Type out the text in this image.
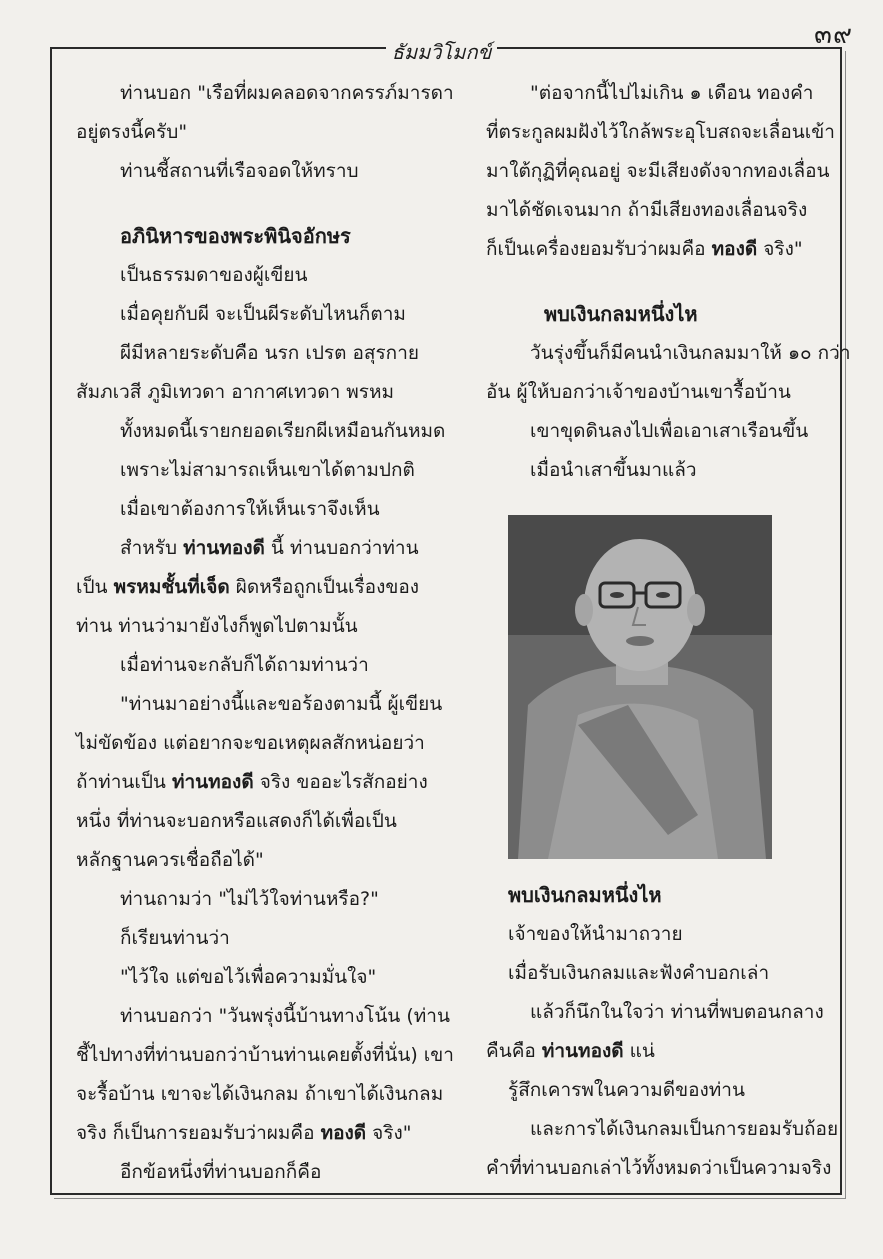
๓๙
ธัมมวิโมกข์
ท่านบอก "เรือที่ผมคลอดจากครรภ์มารดา
อยู่ตรงนี้ครับ"
ท่านชี้สถานที่เรือจอดให้ทราบ
อภินิหารของพระพินิจอักษร
เป็นธรรมดาของผู้เขียน
เมื่อคุยกับผี จะเป็นผีระดับไหนก็ตาม
ผีมีหลายระดับคือ นรก เปรต อสุรกาย
สัมภเวสี ภูมิเทวดา อากาศเทวดา พรหม
ทั้งหมดนี้เรายกยอดเรียกผีเหมือนกันหมด
เพราะไม่สามารถเห็นเขาได้ตามปกติ
เมื่อเขาต้องการให้เห็นเราจึงเห็น
สำหรับ ท่านทองดี นี้ ท่านบอกว่าท่าน
เป็น พรหมชั้นที่เจ็ด ผิดหรือถูกเป็นเรื่องของ
ท่าน ท่านว่ามายังไงก็พูดไปตามนั้น
เมื่อท่านจะกลับก็ได้ถามท่านว่า
"ท่านมาอย่างนี้และขอร้องตามนี้ ผู้เขียน
ไม่ขัดข้อง แต่อยากจะขอเหตุผลสักหน่อยว่า
ถ้าท่านเป็น ท่านทองดี จริง ขออะไรสักอย่าง
หนึ่ง ที่ท่านจะบอกหรือแสดงก็ได้เพื่อเป็น
หลักฐานควรเชื่อถือได้"
ท่านถามว่า "ไม่ไว้ใจท่านหรือ?"
ก็เรียนท่านว่า
"ไว้ใจ แต่ขอไว้เพื่อความมั่นใจ"
ท่านบอกว่า "วันพรุ่งนี้บ้านทางโน้น (ท่าน
ชี้ไปทางที่ท่านบอกว่าบ้านท่านเคยตั้งที่นั่น) เขา
จะรื้อบ้าน เขาจะได้เงินกลม ถ้าเขาได้เงินกลม
จริง ก็เป็นการยอมรับว่าผมคือ ทองดี จริง"
อีกข้อหนึ่งที่ท่านบอกก็คือ
"ต่อจากนี้ไปไม่เกิน ๑ เดือน ทองคำ
ที่ตระกูลผมฝังไว้ใกล้พระอุโบสถจะเลื่อนเข้า
มาใต้กุฏิที่คุณอยู่ จะมีเสียงดังจากทองเลื่อน
มาได้ชัดเจนมาก ถ้ามีเสียงทองเลื่อนจริง
ก็เป็นเครื่องยอมรับว่าผมคือ ทองดี จริง"
พบเงินกลมหนึ่งไห
วันรุ่งขึ้นก็มีคนนำเงินกลมมาให้ ๑๐ กว่า
อัน ผู้ให้บอกว่าเจ้าของบ้านเขารื้อบ้าน
เขาขุดดินลงไปเพื่อเอาเสาเรือนขึ้น
เมื่อนำเสาขึ้นมาแล้ว
พบเงินกลมหนึ่งไห
เจ้าของให้นำมาถวาย
เมื่อรับเงินกลมและฟังคำบอกเล่า
แล้วก็นึกในใจว่า ท่านที่พบตอนกลาง
คืนคือ ท่านทองดี แน่
รู้สึกเคารพในความดีของท่าน
และการได้เงินกลมเป็นการยอมรับถ้อย
คำที่ท่านบอกเล่าไว้ทั้งหมดว่าเป็นความจริง
